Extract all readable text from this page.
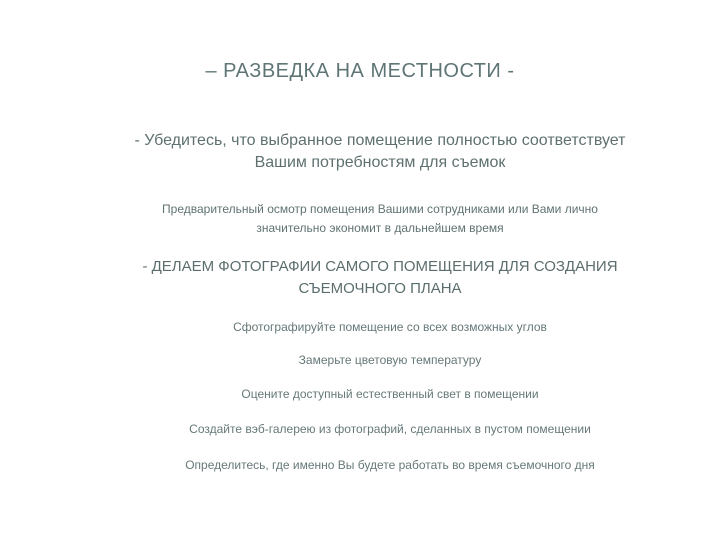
– РАЗВЕДКА НА МЕСТНОСТИ -
- Убедитесь, что выбранное помещение полностью соответствует
Вашим потребностям для съемок
Предварительный осмотр помещения Вашими сотрудниками или Вами лично
значительно экономит в дальнейшем время
- ДЕЛАЕМ ФОТОГРАФИИ САМОГО ПОМЕЩЕНИЯ ДЛЯ СОЗДАНИЯ
СЪЕМОЧНОГО ПЛАНА
Сфотографируйте помещение со всех возможных углов
Замерьте цветовую температуру
Оцените доступный естественный свет в помещении
Создайте вэб-галерею из фотографий, сделанных в пустом помещении
Определитесь, где именно Вы будете работать во время съемочного дня
